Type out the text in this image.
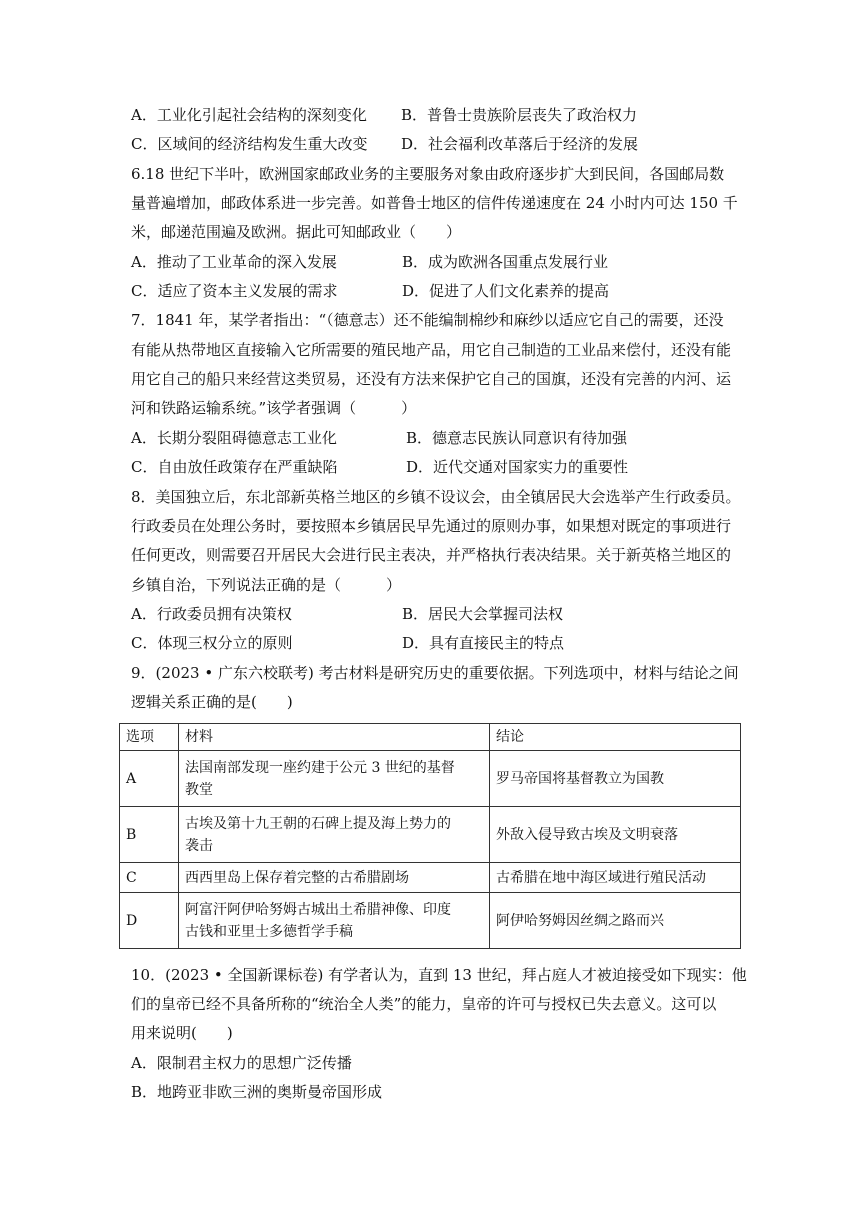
A．工业化引起社会结构的深刻变化 B．普鲁士贵族阶层丧失了政治权力
C．区域间的经济结构发生重大改变 D．社会福利改革落后于经济的发展
6.18 世纪下半叶，欧洲国家邮政业务的主要服务对象由政府逐步扩大到民间，各国邮局数
量普遍增加，邮政体系进一步完善。如普鲁士地区的信件传递速度在 24 小时内可达 150 千
米，邮递范围遍及欧洲。据此可知邮政业（　　）
A．推动了工业革命的深入发展	B．成为欧洲各国重点发展行业
C．适应了资本主义发展的需求	D．促进了人们文化素养的提高
7．1841 年，某学者指出：“（德意志）还不能编制棉纱和麻纱以适应它自己的需要，还没
有能从热带地区直接输入它所需要的殖民地产品，用它自己制造的工业品来偿付，还没有能
用它自己的船只来经营这类贸易，还没有方法来保护它自己的国旗，还没有完善的内河、运
河和铁路运输系统。”该学者强调（　　　）
A．长期分裂阻碍德意志工业化	B．德意志民族认同意识有待加强
C．自由放任政策存在严重缺陷	D．近代交通对国家实力的重要性
8．美国独立后，东北部新英格兰地区的乡镇不设议会，由全镇居民大会选举产生行政委员。
行政委员在处理公务时，要按照本乡镇居民早先通过的原则办事，如果想对既定的事项进行
任何更改，则需要召开居民大会进行民主表决，并严格执行表决结果。关于新英格兰地区的
乡镇自治，下列说法正确的是（　　　）
A．行政委员拥有决策权	B．居民大会掌握司法权
C．体现三权分立的原则	D．具有直接民主的特点
9．(2023 • 广东六校联考) 考古材料是研究历史的重要依据。下列选项中，材料与结论之间
逻辑关系正确的是(　　)
选项	材料	结论
A	法国南部发现一座约建于公元 3 世纪的基督
教堂	罗马帝国将基督教立为国教
B	古埃及第十九王朝的石碑上提及海上势力的
袭击	外敌入侵导致古埃及文明衰落
C	西西里岛上保存着完整的古希腊剧场	古希腊在地中海区域进行殖民活动
D	阿富汗阿伊哈努姆古城出土希腊神像、印度
古钱和亚里士多德哲学手稿	阿伊哈努姆因丝绸之路而兴
10．(2023 • 全国新课标卷) 有学者认为，直到 13 世纪，拜占庭人才被迫接受如下现实：他
们的皇帝已经不具备所称的“统治全人类”的能力，皇帝的许可与授权已失去意义。这可以
用来说明(　　)
A．限制君主权力的思想广泛传播
B．地跨亚非欧三洲的奥斯曼帝国形成
